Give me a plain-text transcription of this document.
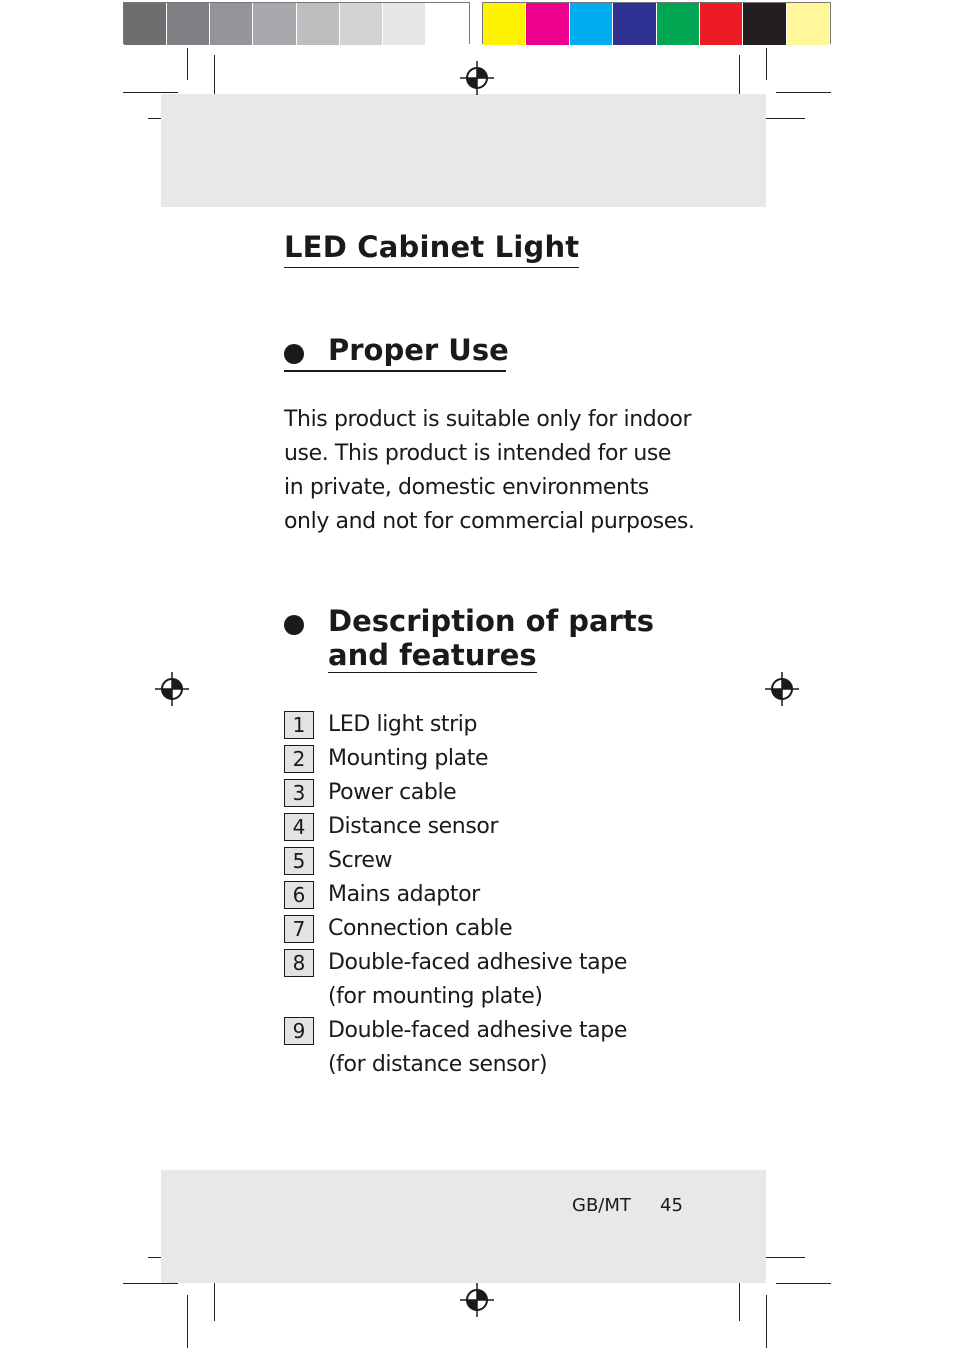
LED Cabinet Light
Proper Use

This product is suitable only for indoor
use. This product is intended for use
in private, domestic environments
only and not for commercial purposes.

Description of parts
and features
1	LED light strip
2	Mounting plate
3	Power cable
4	Distance sensor
5	Screw
6	Mains adaptor
7	Connection cable
8	Double-faced adhesive tape
(for mounting plate)
9	Double-faced adhesive tape
(for distance sensor)
GB/MT 45
